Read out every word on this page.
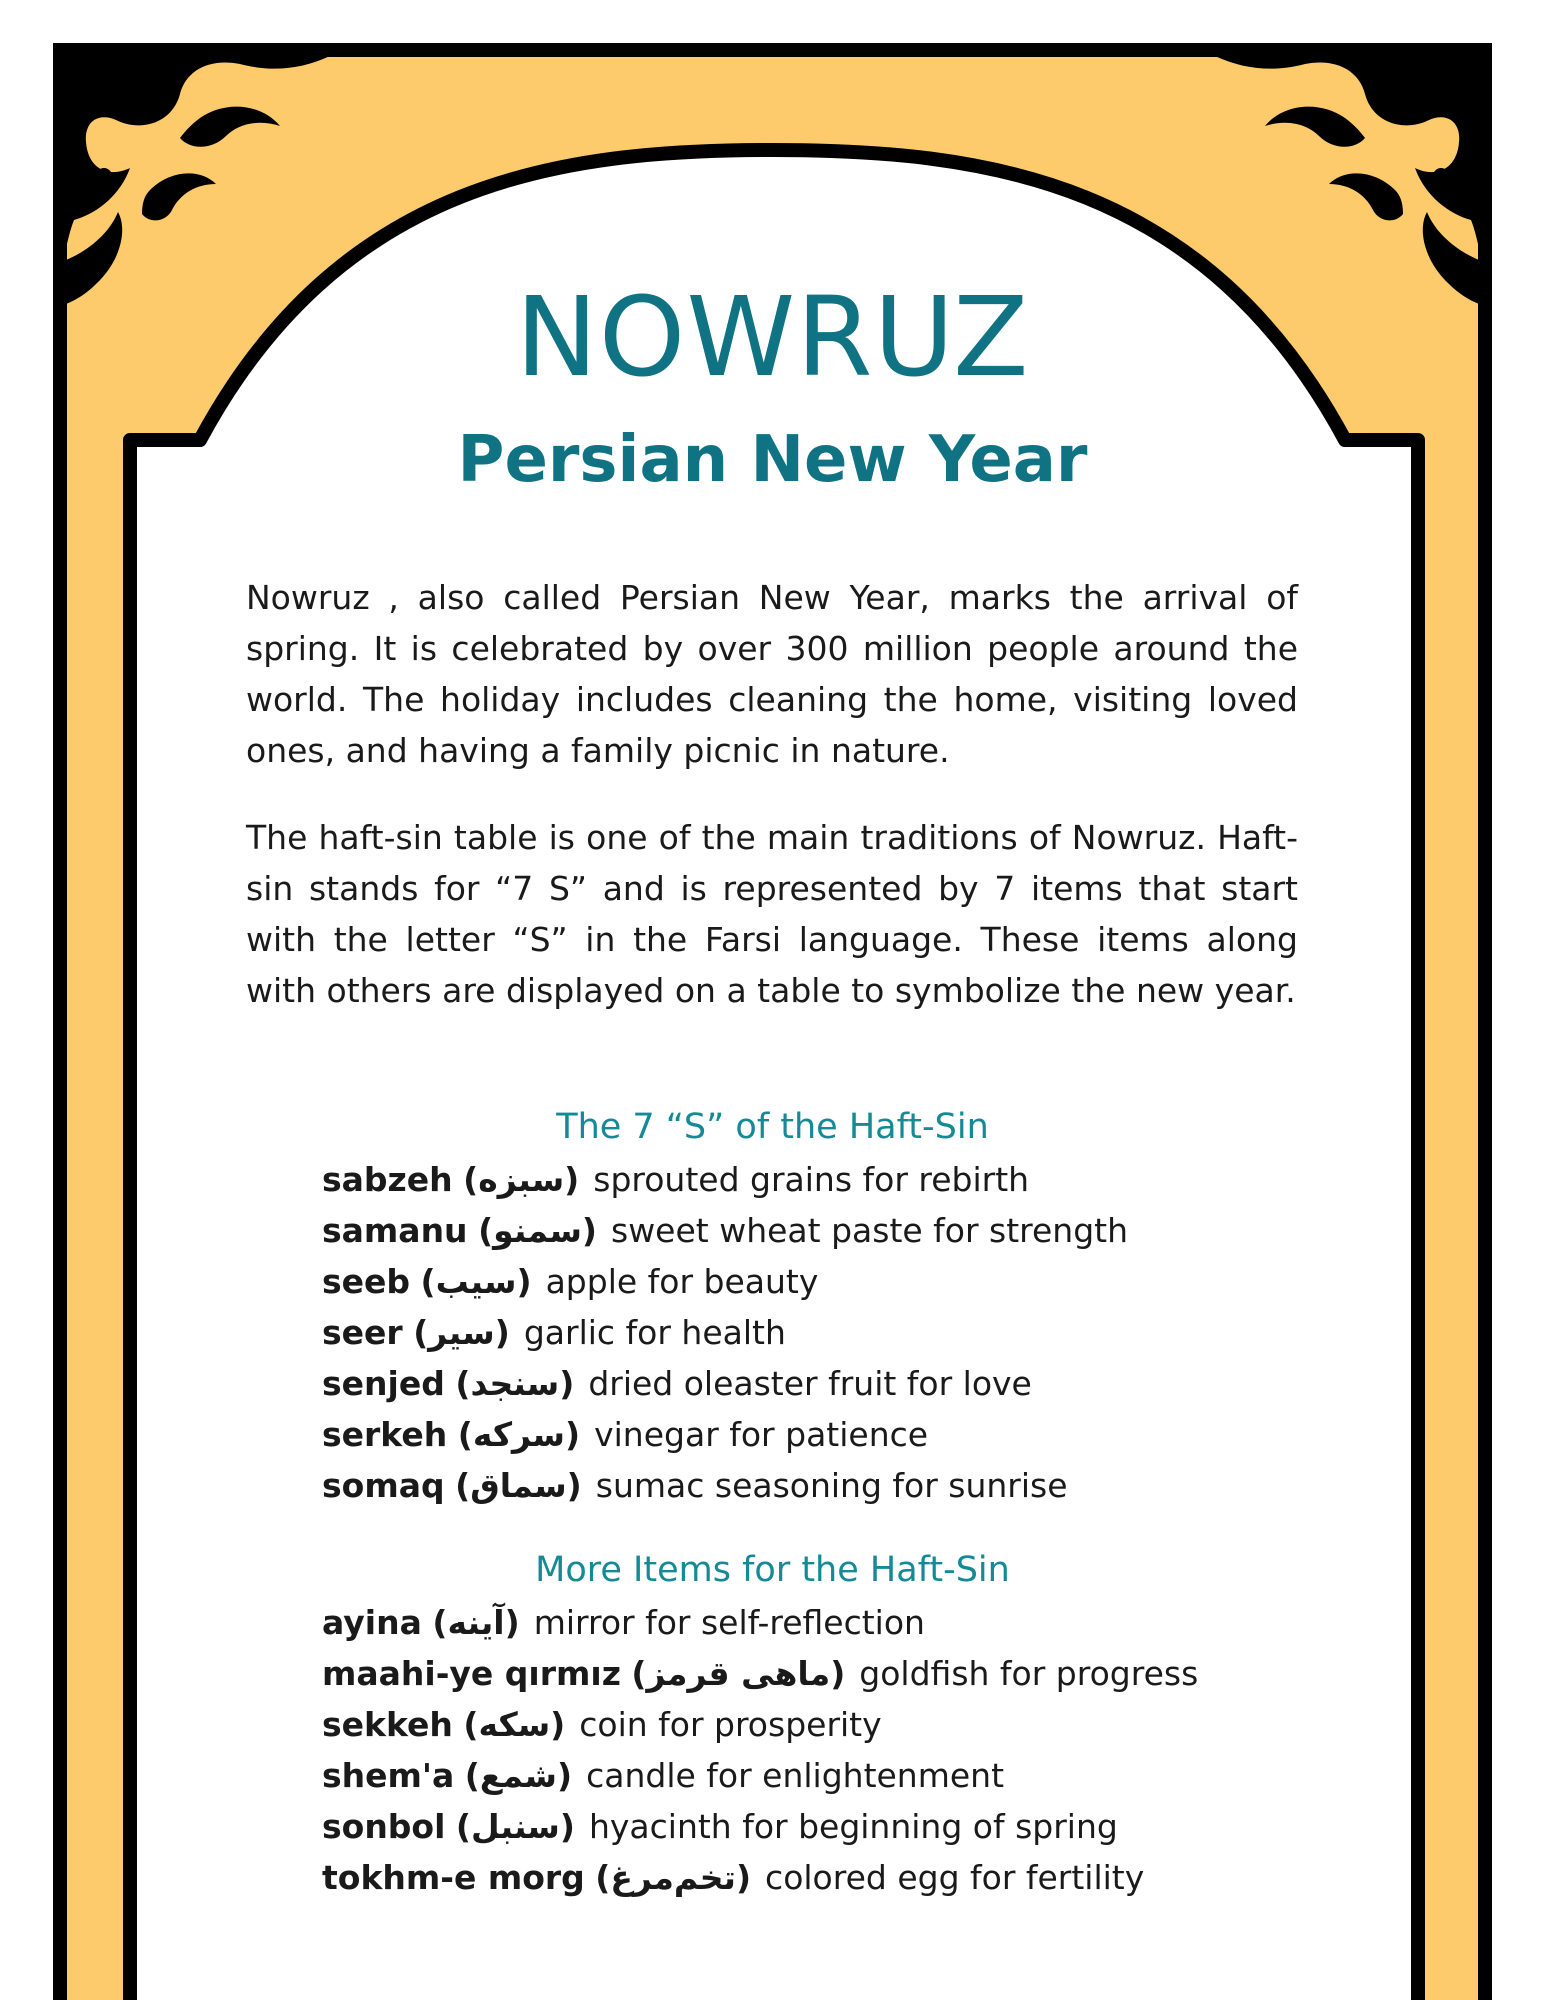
NOWRUZ
Persian New Year

Nowruz , also called Persian New Year, marks the arrival of spring. It is celebrated by over 300 million people around the world. The holiday includes cleaning the home, visiting loved ones, and having a family picnic in nature.

The haft-sin table is one of the main traditions of Nowruz. Haft-sin stands for “7 S” and is represented by 7 items that start with the letter “S” in the Farsi language. These items along with others are displayed on a table to symbolize the new year.

The 7 “S” of the Haft-Sin
sabzeh (سبزه) sprouted grains for rebirth
samanu (سمنو) sweet wheat paste for strength
seeb (سیب) apple for beauty
seer (سیر) garlic for health
senjed (سنجد) dried oleaster fruit for love
serkeh (سرکه) vinegar for patience
somaq (سماق) sumac seasoning for sunrise
More Items for the Haft-Sin
ayina (آینه) mirror for self-reflection
maahi-ye qırmız (ماهی قرمز) goldfish for progress
sekkeh (سکه) coin for prosperity
shem'a (شمع) candle for enlightenment
sonbol (سنبل) hyacinth for beginning of spring
tokhm-e morg (تخم‌مرغ) colored egg for fertility
